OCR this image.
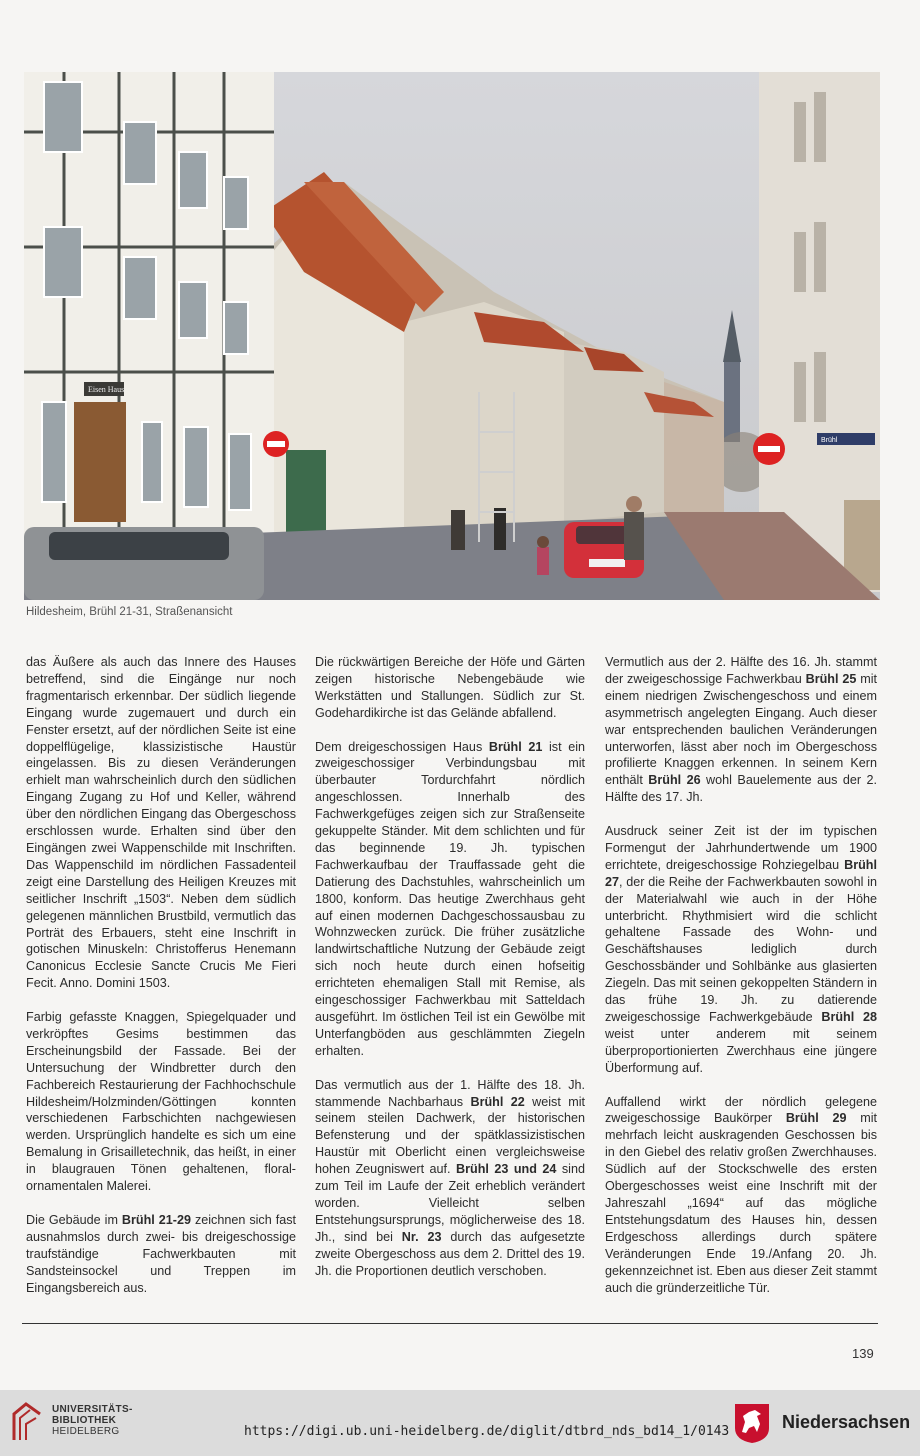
Brühl
Eisen Haus
Hildesheim, Brühl 21-31, Straßenansicht

das Äußere als auch das Innere des Hauses betreffend, sind die Eingänge nur noch fragmentarisch erkennbar. Der südlich liegende Eingang wurde zugemauert und durch ein Fenster ersetzt, auf der nördlichen Seite ist eine doppelflügelige, klassizistische Haustür eingelassen. Bis zu diesen Veränderungen erhielt man wahrscheinlich durch den südlichen Eingang Zugang zu Hof und Keller, während über den nördlichen Eingang das Obergeschoss erschlossen wurde. Erhalten sind über den Eingängen zwei Wappenschilde mit Inschriften. Das Wappenschild im nördlichen Fassadenteil zeigt eine Darstellung des Heiligen Kreuzes mit seitlicher Inschrift „1503“. Neben dem südlich gelegenen männlichen Brustbild, vermutlich das Porträt des Erbauers, steht eine Inschrift in gotischen Minuskeln: Christofferus Henemann Canonicus Ecclesie Sancte Crucis Me Fieri Fecit. Anno. Domini 1503.

Farbig gefasste Knaggen, Spiegelquader und verkröpftes Gesims bestimmen das Erscheinungsbild der Fassade. Bei der Untersuchung der Windbretter durch den Fachbereich Restaurierung der Fachhochschule Hildesheim/Holzminden/Göttingen konnten verschiedenen Farbschichten nachgewiesen werden. Ursprünglich handelte es sich um eine Bemalung in Grisailletechnik, das heißt, in einer in blaugrauen Tönen gehaltenen, floral-ornamentalen Malerei.

Die Gebäude im Brühl 21-29 zeichnen sich fast ausnahmslos durch zwei- bis dreigeschossige traufständige Fachwerkbauten mit Sandsteinsockel und Treppen im Eingangsbereich aus.

Die rückwärtigen Bereiche der Höfe und Gärten zeigen historische Nebengebäude wie Werkstätten und Stallungen. Südlich zur St. Godehardikirche ist das Gelände abfallend.

Dem dreigeschossigen Haus Brühl 21 ist ein zweigeschossiger Verbindungsbau mit überbauter Tordurchfahrt nördlich angeschlossen. Innerhalb des Fachwerkgefüges zeigen sich zur Straßenseite gekuppelte Ständer. Mit dem schlichten und für das beginnende 19. Jh. typischen Fachwerkaufbau der Trauffassade geht die Datierung des Dachstuhles, wahrscheinlich um 1800, konform. Das heutige Zwerchhaus geht auf einen modernen Dachgeschossausbau zu Wohnzwecken zurück. Die früher zusätzliche landwirtschaftliche Nutzung der Gebäude zeigt sich noch heute durch einen hofseitig errichteten ehemaligen Stall mit Remise, als eingeschossiger Fachwerkbau mit Satteldach ausgeführt. Im östlichen Teil ist ein Gewölbe mit Unterfangböden aus geschlämmten Ziegeln erhalten.

Das vermutlich aus der 1. Hälfte des 18. Jh. stammende Nachbarhaus Brühl 22 weist mit seinem steilen Dachwerk, der historischen Befensterung und der spätklassizistischen Haustür mit Oberlicht einen vergleichsweise hohen Zeugniswert auf. Brühl 23 und 24 sind zum Teil im Laufe der Zeit erheblich verändert worden. Vielleicht selben Entstehungsursprungs, möglicherweise des 18. Jh., sind bei Nr. 23 durch das aufgesetzte zweite Obergeschoss aus dem 2. Drittel des 19. Jh. die Proportionen deutlich verschoben.

Vermutlich aus der 2. Hälfte des 16. Jh. stammt der zweigeschossige Fachwerkbau Brühl 25 mit einem niedrigen Zwischengeschoss und einem asymmetrisch angelegten Eingang. Auch dieser war entsprechenden baulichen Veränderungen unterworfen, lässt aber noch im Obergeschoss profilierte Knaggen erkennen. In seinem Kern enthält Brühl 26 wohl Bauelemente aus der 2. Hälfte des 17. Jh.

Ausdruck seiner Zeit ist der im typischen Formengut der Jahrhundertwende um 1900 errichtete, dreigeschossige Rohziegelbau Brühl 27, der die Reihe der Fachwerkbauten sowohl in der Materialwahl wie auch in der Höhe unterbricht. Rhythmisiert wird die schlicht gehaltene Fassade des Wohn- und Geschäftshauses lediglich durch Geschossbänder und Sohlbänke aus glasierten Ziegeln. Das mit seinen gekoppelten Ständern in das frühe 19. Jh. zu datierende zweigeschossige Fachwerkgebäude Brühl 28 weist unter anderem mit seinem überproportionierten Zwerchhaus eine jüngere Überformung auf.

Auffallend wirkt der nördlich gelegene zweigeschossige Baukörper Brühl 29 mit mehrfach leicht auskragenden Geschossen bis in den Giebel des relativ großen Zwerchhauses. Südlich auf der Stockschwelle des ersten Obergeschosses weist eine Inschrift mit der Jahreszahl „1694“ auf das mögliche Entstehungsdatum des Hauses hin, dessen Erdgeschoss allerdings durch spätere Veränderungen Ende 19./Anfang 20. Jh. gekennzeichnet ist. Eben aus dieser Zeit stammt auch die gründerzeitliche Tür.

139
UNIVERSITÄTS-
BIBLIOTHEK
HEIDELBERG	https://digi.ub.uni-heidelberg.de/diglit/dtbrd_nds_bd14_1/0143	Niedersachsen
